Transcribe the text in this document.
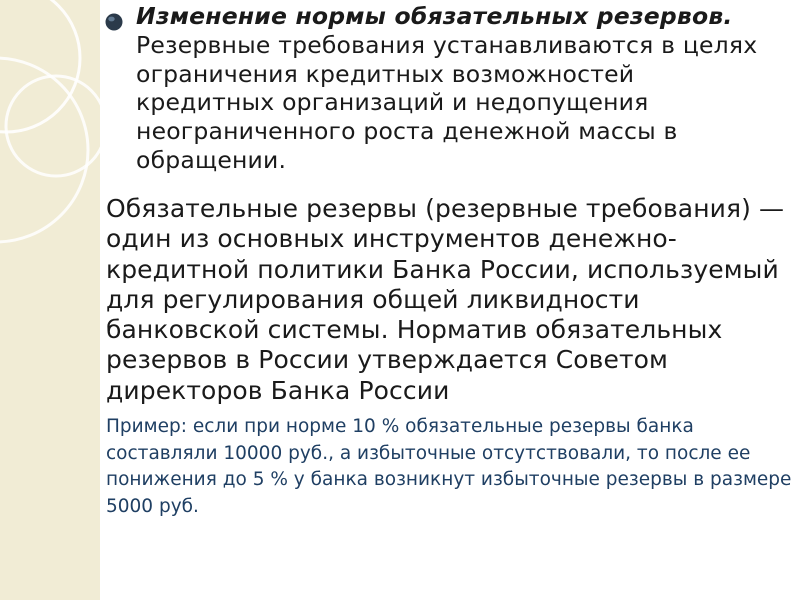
Изменение нормы обязательных резервов. Резервные требования устанавливаются в целях ограничения кредитных возможностей кредитных организаций и недопущения неограниченного роста денежной массы в обращении.
Обязательные резервы (резервные требования) — один из основных инструментов денежно-кредитной политики Банка России, используемый для регулирования общей ликвидности банковской системы. Норматив обязательных резервов в России утверждается Советом директоров Банка России
Пример: если при норме 10 % обязательные резервы банка составляли 10000 руб., а избыточные отсутствовали, то после ее понижения до 5 % у банка возникнут избыточные резервы в размере 5000 руб.
